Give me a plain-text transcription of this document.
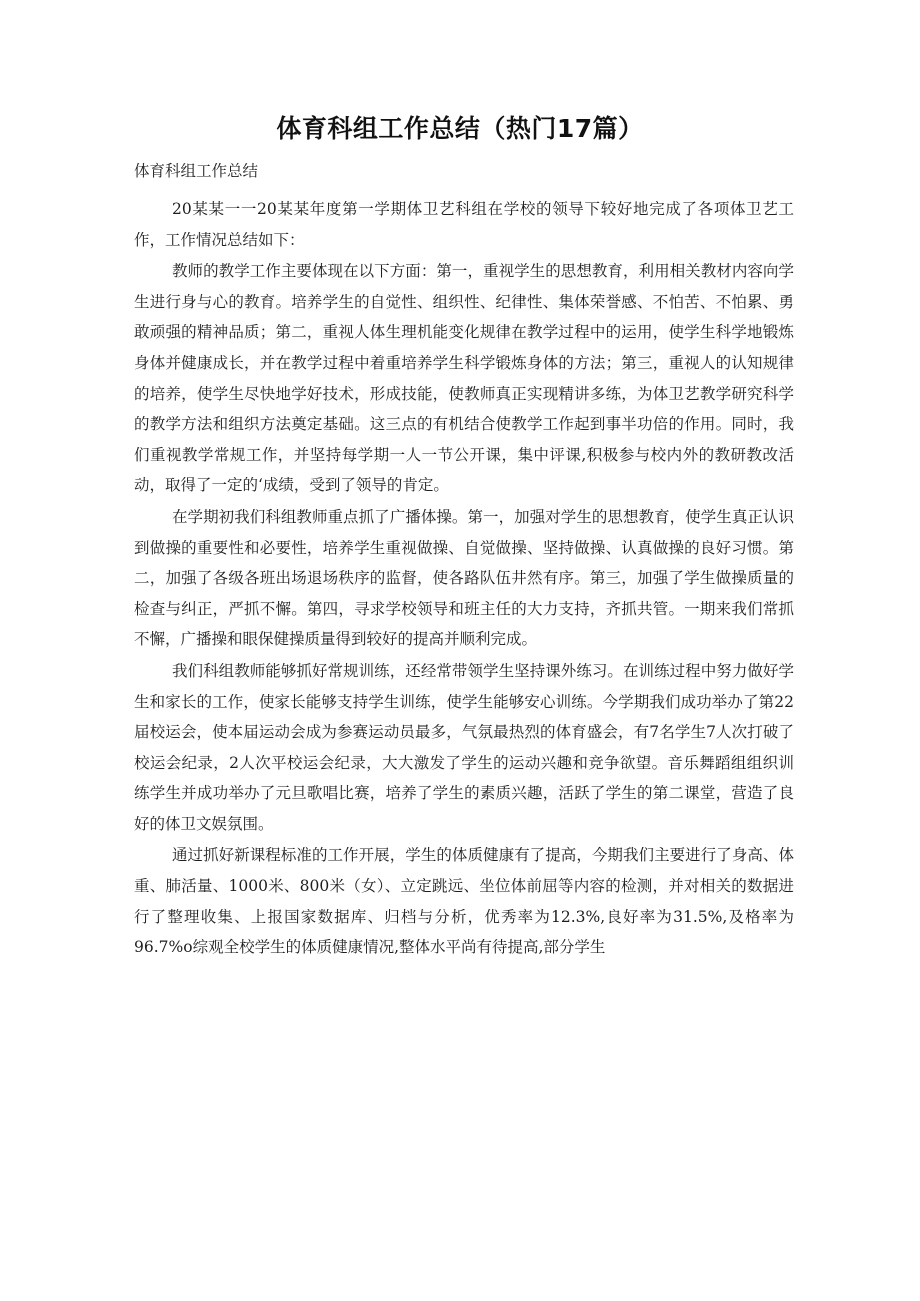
体育科组工作总结（热门17篇）

体育科组工作总结

20某某一一20某某年度第一学期体卫艺科组在学校的领导下较好地完成了各项体卫艺工作，工作情况总结如下：

教师的教学工作主要体现在以下方面：第一，重视学生的思想教育，利用相关教材内容向学生进行身与心的教育。培养学生的自觉性、组织性、纪律性、集体荣誉感、不怕苦、不怕累、勇敢顽强的精神品质；第二，重视人体生理机能变化规律在教学过程中的运用，使学生科学地锻炼身体并健康成长，并在教学过程中着重培养学生科学锻炼身体的方法；第三，重视人的认知规律的培养，使学生尽快地学好技术，形成技能，使教师真正实现精讲多练，为体卫艺教学研究科学的教学方法和组织方法奠定基础。这三点的有机结合使教学工作起到事半功倍的作用。同时，我们重视教学常规工作，并坚持每学期一人一节公开课，集中评课,积极参与校内外的教研教改活动，取得了一定的‘成绩，受到了领导的肯定。

在学期初我们科组教师重点抓了广播体操。第一，加强对学生的思想教育，使学生真正认识到做操的重要性和必要性，培养学生重视做操、自觉做操、坚持做操、认真做操的良好习惯。第二，加强了各级各班出场退场秩序的监督，使各路队伍井然有序。第三，加强了学生做操质量的检查与纠正，严抓不懈。第四，寻求学校领导和班主任的大力支持，齐抓共管。一期来我们常抓不懈，广播操和眼保健操质量得到较好的提高并顺利完成。

我们科组教师能够抓好常规训练，还经常带领学生坚持课外练习。在训练过程中努力做好学生和家长的工作，使家长能够支持学生训练，使学生能够安心训练。今学期我们成功举办了第22届校运会，使本届运动会成为参赛运动员最多，气氛最热烈的体育盛会，有7名学生7人次打破了校运会纪录，2人次平校运会纪录，大大激发了学生的运动兴趣和竞争欲望。音乐舞蹈组组织训练学生并成功举办了元旦歌唱比赛，培养了学生的素质兴趣，活跃了学生的第二课堂，营造了良好的体卫文娱氛围。

通过抓好新课程标准的工作开展，学生的体质健康有了提高，今期我们主要进行了身高、体重、肺活量、1000米、800米（女）、立定跳远、坐位体前屈等内容的检测，并对相关的数据进行了整理收集、上报国家数据库、归档与分析，优秀率为12.3%,良好率为31.5%,及格率为96.7%o综观全校学生的体质健康情况,整体水平尚有待提高,部分学生
